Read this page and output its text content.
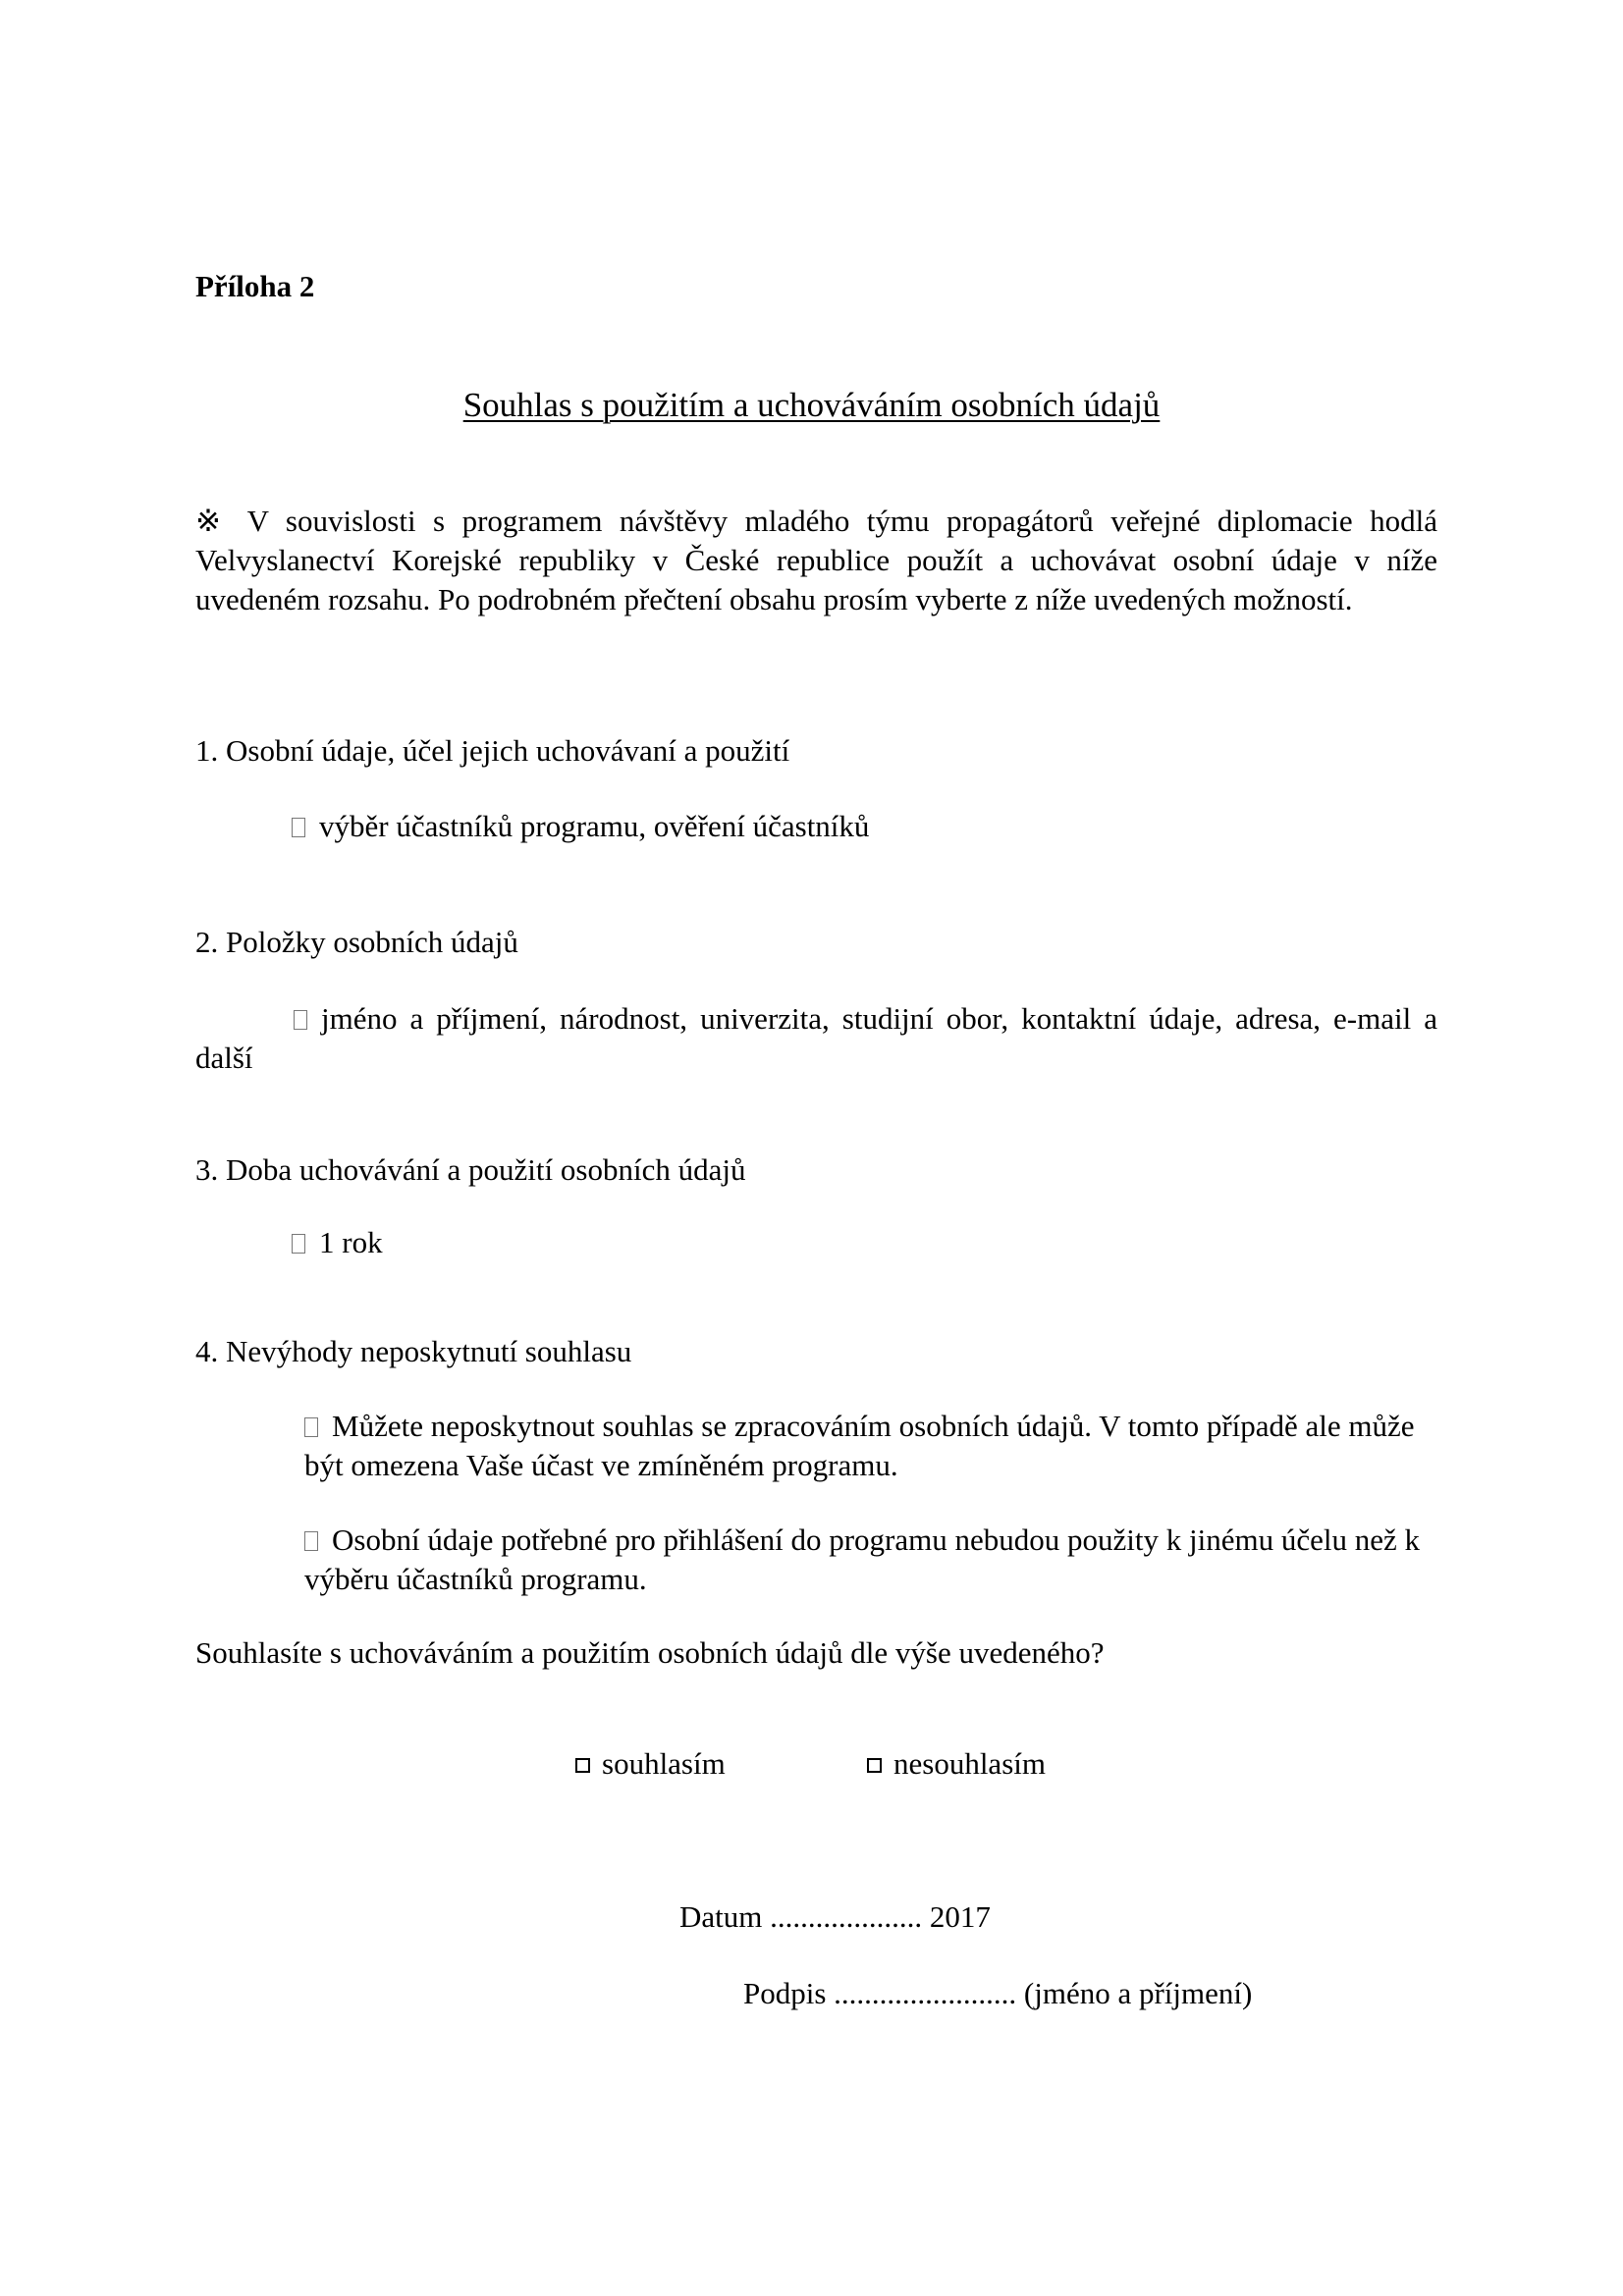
Příloha 2
Souhlas s použitím a uchováváním osobních údajů
※ V souvislosti s programem návštěvy mladého týmu propagátorů veřejné diplomacie hodlá Velvyslanectví Korejské republiky v České republice použít a uchovávat osobní údaje v níže uvedeném rozsahu. Po podrobném přečtení obsahu prosím vyberte z níže uvedených možností.
1. Osobní údaje, účel jejich uchovávaní a použití
výběr účastníků programu, ověření účastníků
2. Položky osobních údajů
jméno a příjmení, národnost, univerzita, studijní obor, kontaktní údaje, adresa, e-mail a další
3. Doba uchovávání a použití osobních údajů
1 rok
4. Nevýhody neposkytnutí souhlasu
Můžete neposkytnout souhlas se zpracováním osobních údajů. V tomto případě ale může být omezena Vaše účast ve zmíněném programu.
Osobní údaje potřebné pro přihlášení do programu nebudou použity k jinému účelu než k výběru účastníků programu.
Souhlasíte s uchováváním a použitím osobních údajů dle výše uvedeného?
souhlasím	nesouhlasím
Datum .................... 2017
Podpis ........................ (jméno a příjmení)
